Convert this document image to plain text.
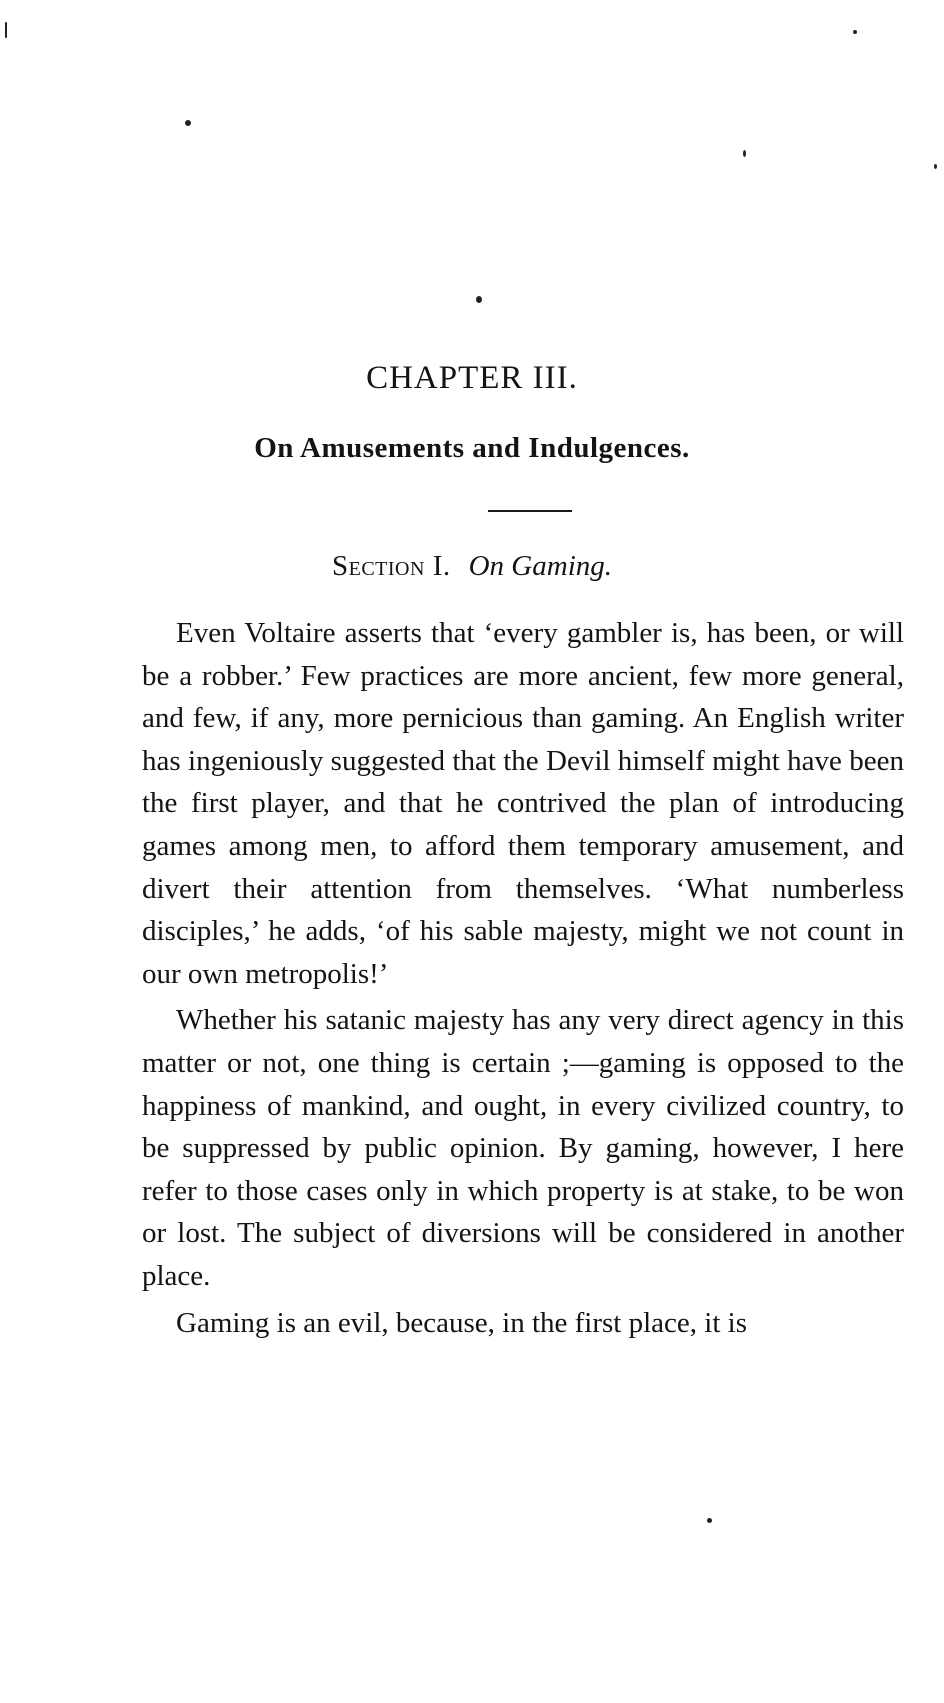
CHAPTER III.
On Amusements and Indulgences.
Section I. On Gaming.

Even Voltaire asserts that ‘every gambler is, has been, or will be a robber.’ Few practices are more ancient, few more general, and few, if any, more pernicious than gaming. An English writer has ingeniously suggested that the Devil himself might have been the first player, and that he contrived the plan of introducing games among men, to afford them temporary amusement, and divert their attention from themselves. ‘What numberless disciples,’ he adds, ‘of his sable majesty, might we not count in our own metropolis!’

Whether his satanic majesty has any very direct agency in this matter or not, one thing is certain ;—gaming is opposed to the happiness of mankind, and ought, in every civilized country, to be suppressed by public opinion. By gaming, however, I here refer to those cases only in which property is at stake, to be won or lost. The subject of diversions will be considered in another place.

Gaming is an evil, because, in the first place, it is
